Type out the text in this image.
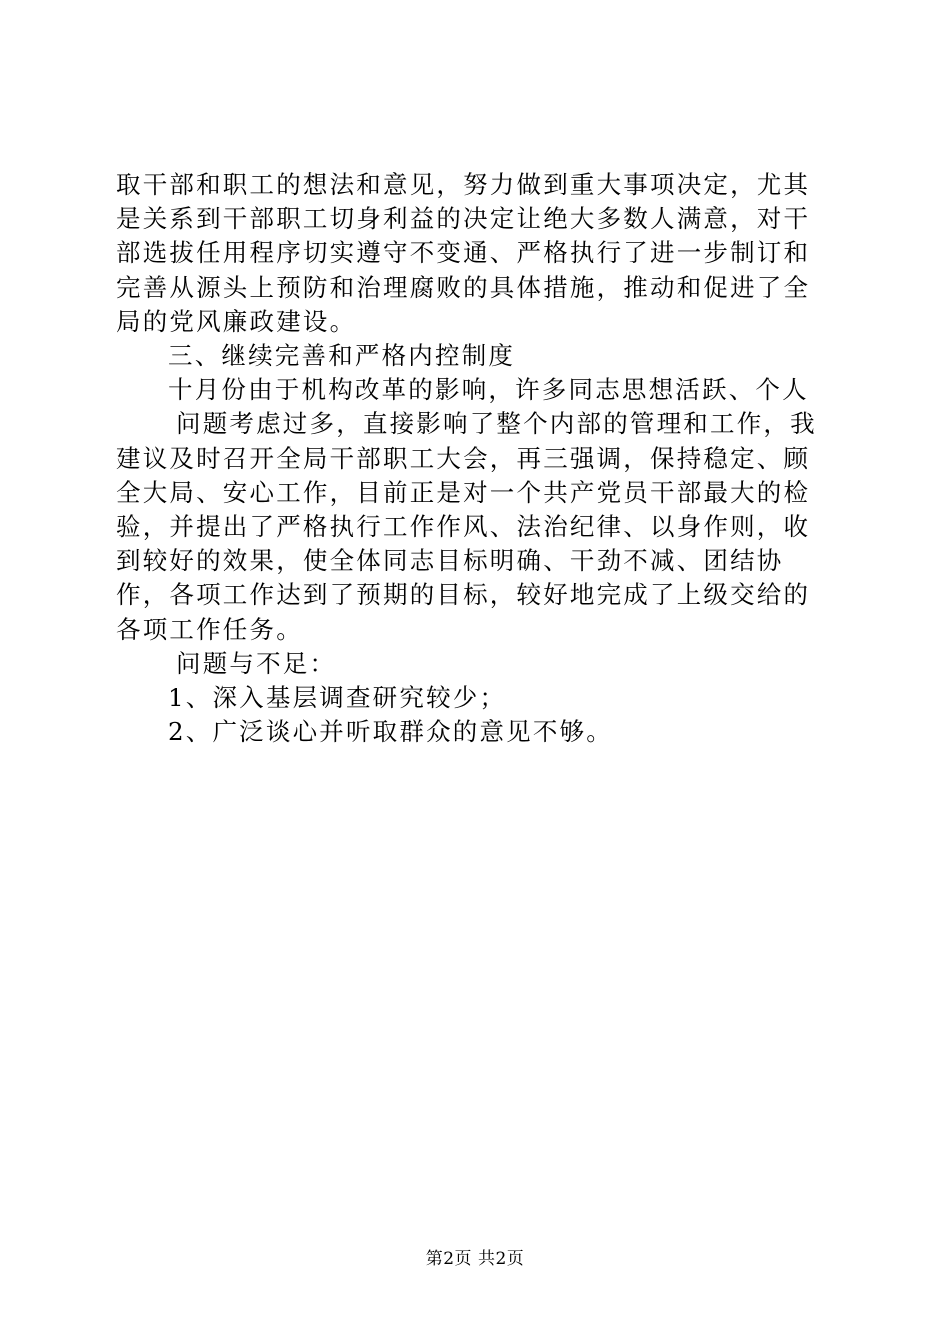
取干部和职工的想法和意见，努力做到重大事项决定，尤其是关系到干部职工切身利益的决定让绝大多数人满意，对干部选拔任用程序切实遵守不变通、严格执行了进一步制订和完善从源头上预防和治理腐败的具体措施，推动和促进了全局的党风廉政建设。

三、继续完善和严格内控制度

十月份由于机构改革的影响，许多同志思想活跃、个人

问题考虑过多，直接影响了整个内部的管理和工作，我建议及时召开全局干部职工大会，再三强调，保持稳定、顾全大局、安心工作，目前正是对一个共产党员干部最大的检验，并提出了严格执行工作作风、法治纪律、以身作则，收到较好的效果，使全体同志目标明确、干劲不减、团结协作，各项工作达到了预期的目标，较好地完成了上级交给的各项工作任务。

问题与不足：

1、深入基层调查研究较少；

2、广泛谈心并听取群众的意见不够。

第2页 共2页
